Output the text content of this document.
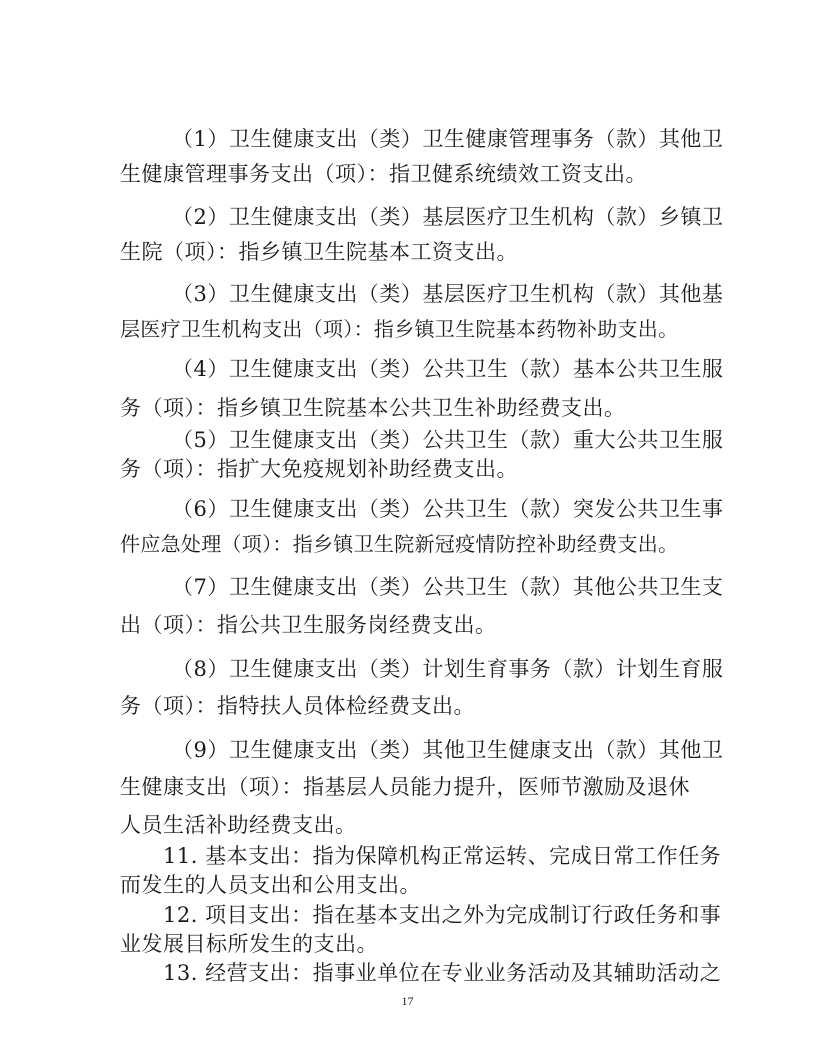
（1）卫生健康支出（类）卫生健康管理事务（款）其他卫
生健康管理事务支出（项）：指卫健系统绩效工资支出。
（2）卫生健康支出（类）基层医疗卫生机构（款）乡镇卫
生院（项）：指乡镇卫生院基本工资支出。
（3）卫生健康支出（类）基层医疗卫生机构（款）其他基
层医疗卫生机构支出（项）：指乡镇卫生院基本药物补助支出。
（4）卫生健康支出（类）公共卫生（款）基本公共卫生服
务（项）：指乡镇卫生院基本公共卫生补助经费支出。
（5）卫生健康支出（类）公共卫生（款）重大公共卫生服
务（项）：指扩大免疫规划补助经费支出。
（6）卫生健康支出（类）公共卫生（款）突发公共卫生事
件应急处理（项）：指乡镇卫生院新冠疫情防控补助经费支出。
（7）卫生健康支出（类）公共卫生（款）其他公共卫生支
出（项）：指公共卫生服务岗经费支出。
（8）卫生健康支出（类）计划生育事务（款）计划生育服
务（项）：指特扶人员体检经费支出。
（9）卫生健康支出（类）其他卫生健康支出（款）其他卫
生健康支出（项）：指基层人员能力提升，医师节激励及退休
人员生活补助经费支出。
11. 基本支出：指为保障机构正常运转、完成日常工作任务
而发生的人员支出和公用支出。
12. 项目支出：指在基本支出之外为完成制订行政任务和事
业发展目标所发生的支出。
13. 经营支出：指事业单位在专业业务活动及其辅助活动之
17
